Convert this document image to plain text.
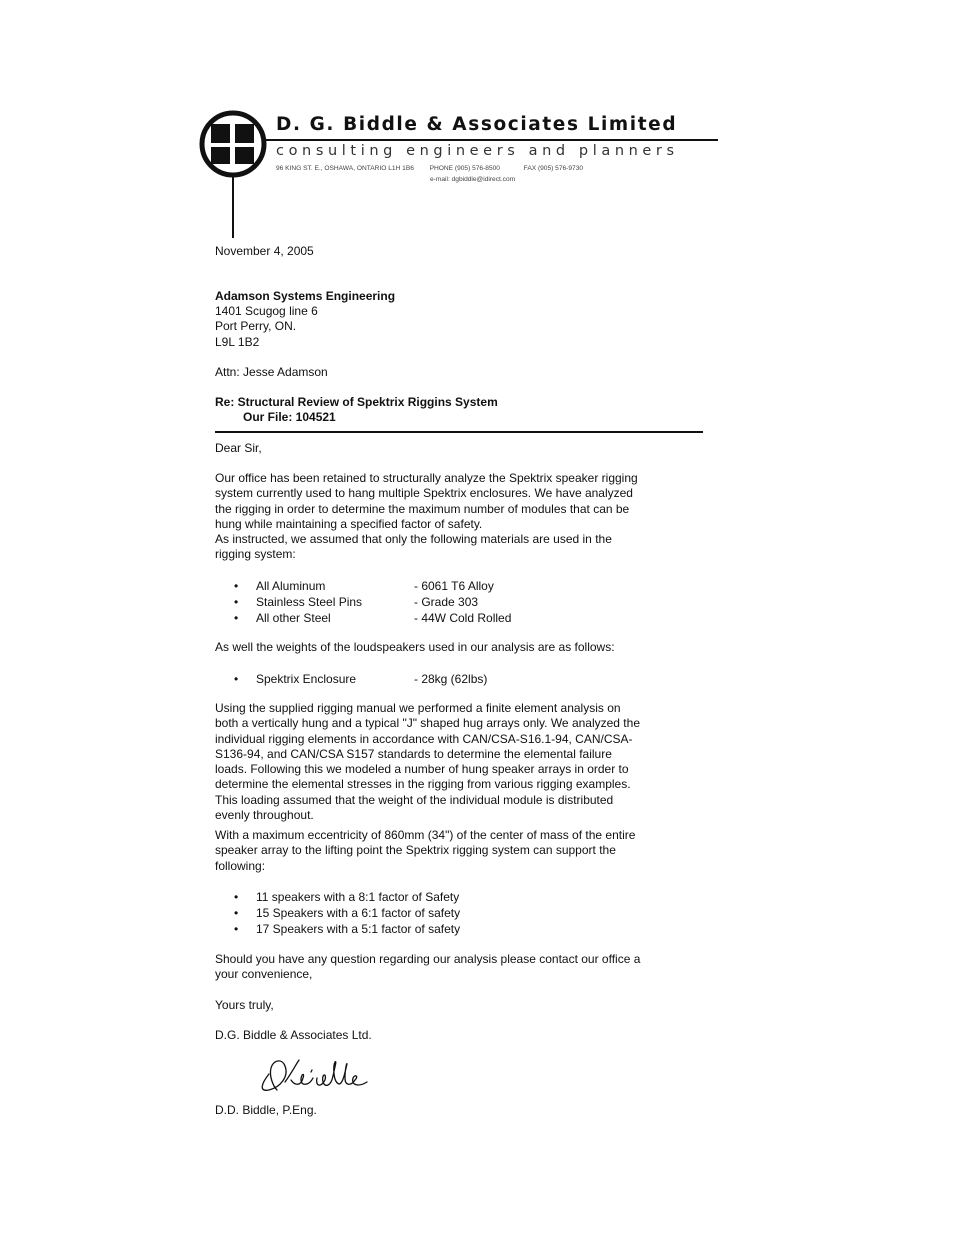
D. G. Biddle & Associates Limited
consulting engineers and planners
96 KING ST. E., OSHAWA, ONTARIO L1H 1B6 PHONE (905) 576-8500	FAX (905) 576-9730
e-mail: dgbiddle@idirect.com
November 4, 2005
Adamson Systems Engineering
1401 Scugog line 6
Port Perry, ON.
L9L 1B2
Attn: Jesse Adamson
Re: Structural Review of Spektrix Riggins System
Our File: 104521
Dear Sir,

Our office has been retained to structurally analyze the Spektrix speaker rigging
system currently used to hang multiple Spektrix enclosures. We have analyzed
the rigging in order to determine the maximum number of modules that can be
hung while maintaining a specified factor of safety.
As instructed, we assumed that only the following materials are used in the
rigging system:

• All Aluminum	- 6061 T6 Alloy
• Stainless Steel Pins	- Grade 303
• All other Steel	- 44W Cold Rolled
As well the weights of the loudspeakers used in our analysis are as follows:
• Spektrix Enclosure	- 28kg (62lbs)

Using the supplied rigging manual we performed a finite element analysis on
both a vertically hung and a typical "J" shaped hug arrays only. We analyzed the
individual rigging elements in accordance with CAN/CSA-S16.1-94, CAN/CSA-
S136-94, and CAN/CSA S157 standards to determine the elemental failure
loads. Following this we modeled a number of hung speaker arrays in order to
determine the elemental stresses in the rigging from various rigging examples.
This loading assumed that the weight of the individual module is distributed
evenly throughout.

With a maximum eccentricity of 860mm (34") of the center of mass of the entire
speaker array to the lifting point the Spektrix rigging system can support the
following:

• 11 speakers with a 8:1 factor of Safety
• 15 Speakers with a 6:1 factor of safety
• 17 Speakers with a 5:1 factor of safety

Should you have any question regarding our analysis please contact our office a
your convenience,

Yours truly,
D.G. Biddle & Associates Ltd.
D.D. Biddle, P.Eng.
